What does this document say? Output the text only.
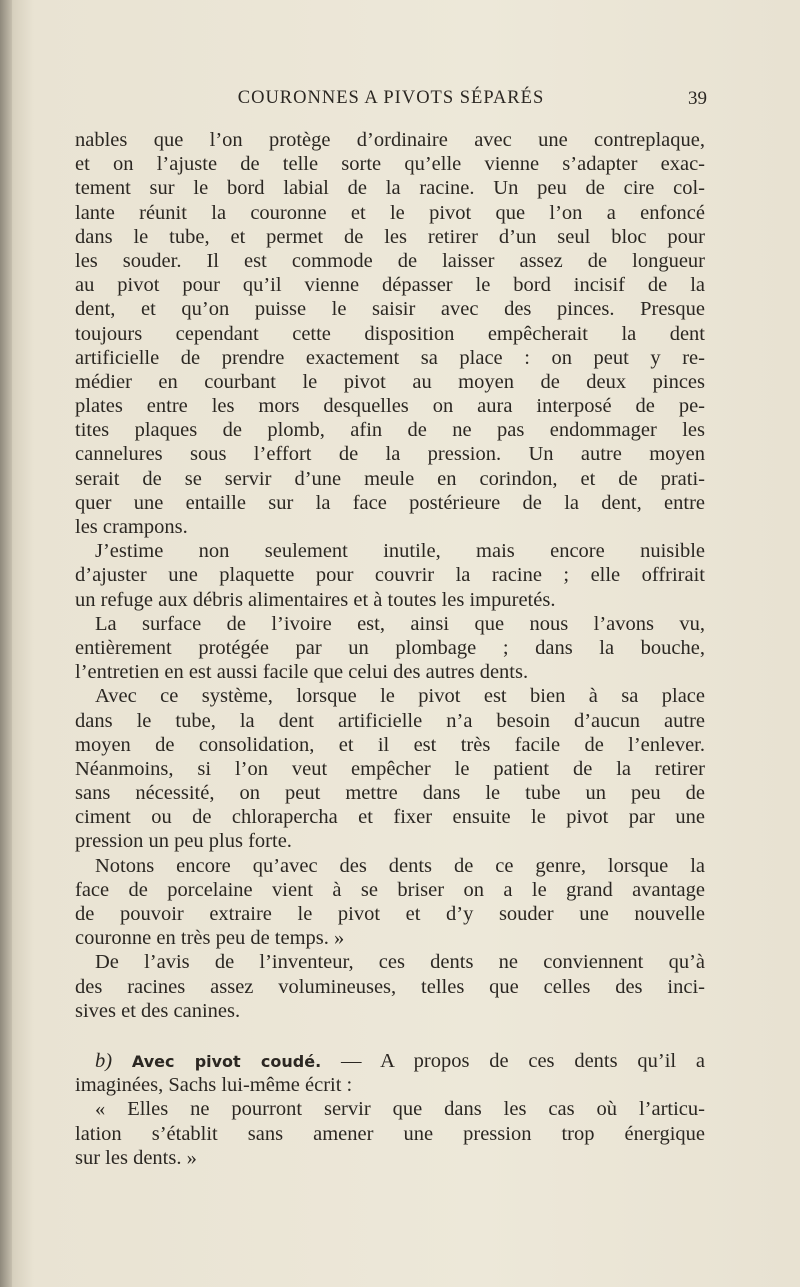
COURONNES A PIVOTS SÉPARÉS	39
nables que l’on protège d’ordinaire avec une contreplaque,
et on l’ajuste de telle sorte qu’elle vienne s’adapter exac-
tement sur le bord labial de la racine. Un peu de cire col-
lante réunit la couronne et le pivot que l’on a enfoncé
dans le tube, et permet de les retirer d’un seul bloc pour
les souder. Il est commode de laisser assez de longueur
au pivot pour qu’il vienne dépasser le bord incisif de la
dent, et qu’on puisse le saisir avec des pinces. Presque
toujours cependant cette disposition empêcherait la dent
artificielle de prendre exactement sa place : on peut y re-
médier en courbant le pivot au moyen de deux pinces
plates entre les mors desquelles on aura interposé de pe-
tites plaques de plomb, afin de ne pas endommager les
cannelures sous l’effort de la pression. Un autre moyen
serait de se servir d’une meule en corindon, et de prati-
quer une entaille sur la face postérieure de la dent, entre
les crampons.
J’estime non seulement inutile, mais encore nuisible
d’ajuster une plaquette pour couvrir la racine ; elle offrirait
un refuge aux débris alimentaires et à toutes les impuretés.
La surface de l’ivoire est, ainsi que nous l’avons vu,
entièrement protégée par un plombage ; dans la bouche,
l’entretien en est aussi facile que celui des autres dents.
Avec ce système, lorsque le pivot est bien à sa place
dans le tube, la dent artificielle n’a besoin d’aucun autre
moyen de consolidation, et il est très facile de l’enlever.
Néanmoins, si l’on veut empêcher le patient de la retirer
sans nécessité, on peut mettre dans le tube un peu de
ciment ou de chlorapercha et fixer ensuite le pivot par une
pression un peu plus forte.
Notons encore qu’avec des dents de ce genre, lorsque la
face de porcelaine vient à se briser on a le grand avantage
de pouvoir extraire le pivot et d’y souder une nouvelle
couronne en très peu de temps. »
De l’avis de l’inventeur, ces dents ne conviennent qu’à
des racines assez volumineuses, telles que celles des inci-
sives et des canines.
b) Avec pivot coudé. — A propos de ces dents qu’il a
imaginées, Sachs lui-même écrit :
« Elles ne pourront servir que dans les cas où l’articu-
lation s’établit sans amener une pression trop énergique
sur les dents. »
